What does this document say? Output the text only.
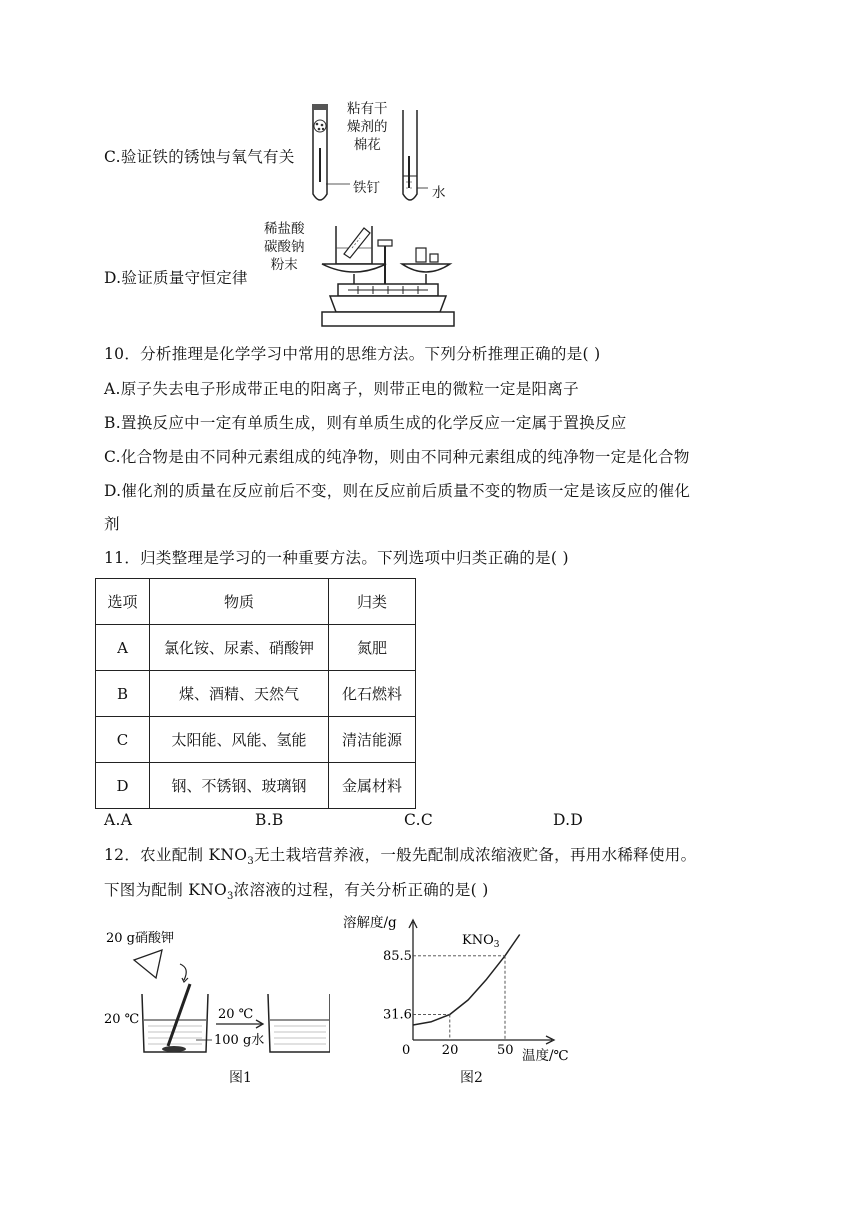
C.验证铁的锈蚀与氧气有关
粘有干
燥剂的
棉花
铁钉	水
D.验证质量守恒定律
稀盐酸
碳酸钠
粉末
10．分析推理是化学学习中常用的思维方法。下列分析推理正确的是( )
A.原子失去电子形成带正电的阳离子，则带正电的微粒一定是阳离子
B.置换反应中一定有单质生成，则有单质生成的化学反应一定属于置换反应
C.化合物是由不同种元素组成的纯净物，则由不同种元素组成的纯净物一定是化合物
D.催化剂的质量在反应前后不变，则在反应前后质量不变的物质一定是该反应的催化
剂
11．归类整理是学习的一种重要方法。下列选项中归类正确的是( )
选项	物质	归类
A	氯化铵、尿素、硝酸钾	氮肥
B	煤、酒精、天然气	化石燃料
C	太阳能、风能、氢能	清洁能源
D	钢、不锈钢、玻璃钢	金属材料
A.A	B.B	C.C	D.D
12．农业配制 $KNO_3$无土栽培营养液，一般先配制成浓缩液贮备，再用水稀释使用。
下图为配制 $KNO_3$浓溶液的过程，有关分析正确的是( )
20 g硝酸钾
20 ℃
100 g水
20 ℃
图1
溶解度/g
31.6
20
85.5
50
0	温度/℃
$KNO_3$
图2
